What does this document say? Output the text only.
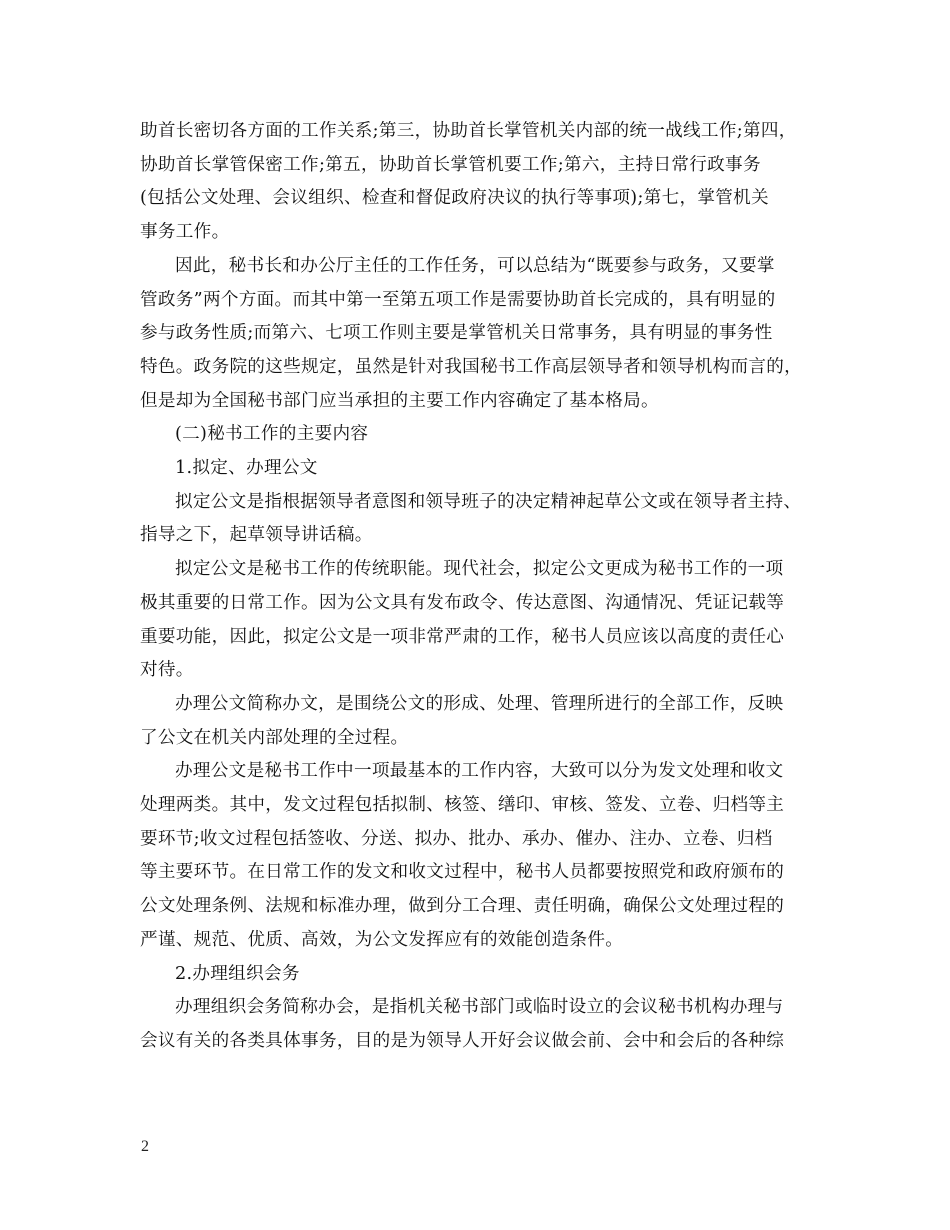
助首长密切各方面的工作关系;第三，协助首长掌管机关内部的统一战线工作;第四，
协助首长掌管保密工作;第五，协助首长掌管机要工作;第六，主持日常行政事务
(包括公文处理、会议组织、检查和督促政府决议的执行等事项);第七，掌管机关
事务工作。

因此，秘书长和办公厅主任的工作任务，可以总结为“既要参与政务，又要掌
管政务”两个方面。而其中第一至第五项工作是需要协助首长完成的，具有明显的
参与政务性质;而第六、七项工作则主要是掌管机关日常事务，具有明显的事务性
特色。政务院的这些规定，虽然是针对我国秘书工作高层领导者和领导机构而言的，
但是却为全国秘书部门应当承担的主要工作内容确定了基本格局。

(二)秘书工作的主要内容

1.拟定、办理公文

拟定公文是指根据领导者意图和领导班子的决定精神起草公文或在领导者主持、
指导之下，起草领导讲话稿。

拟定公文是秘书工作的传统职能。现代社会，拟定公文更成为秘书工作的一项
极其重要的日常工作。因为公文具有发布政令、传达意图、沟通情况、凭证记载等
重要功能，因此，拟定公文是一项非常严肃的工作，秘书人员应该以高度的责任心
对待。

办理公文简称办文，是围绕公文的形成、处理、管理所进行的全部工作，反映
了公文在机关内部处理的全过程。

办理公文是秘书工作中一项最基本的工作内容，大致可以分为发文处理和收文
处理两类。其中，发文过程包括拟制、核签、缮印、审核、签发、立卷、归档等主
要环节;收文过程包括签收、分送、拟办、批办、承办、催办、注办、立卷、归档
等主要环节。在日常工作的发文和收文过程中，秘书人员都要按照党和政府颁布的
公文处理条例、法规和标准办理，做到分工合理、责任明确，确保公文处理过程的
严谨、规范、优质、高效，为公文发挥应有的效能创造条件。

2.办理组织会务

办理组织会务简称办会，是指机关秘书部门或临时设立的会议秘书机构办理与
会议有关的各类具体事务，目的是为领导人开好会议做会前、会中和会后的各种综

2
